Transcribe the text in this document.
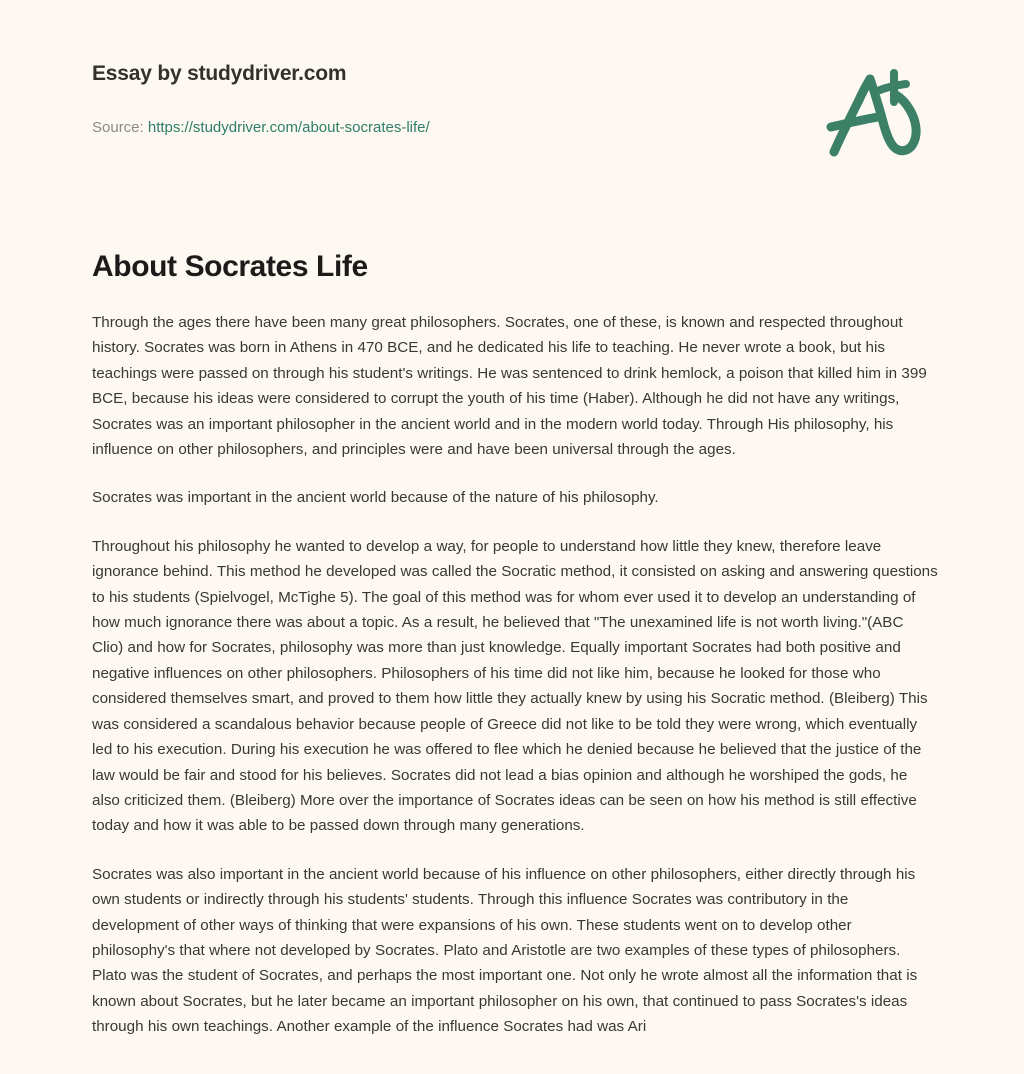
Essay by studydriver.com
Source: https://studydriver.com/about-socrates-life/
About Socrates Life

Through the ages there have been many great philosophers. Socrates, one of these, is known and respected throughout history. Socrates was born in Athens in 470 BCE, and he dedicated his life to teaching. He never wrote a book, but his teachings were passed on through his student's writings. He was sentenced to drink hemlock, a poison that killed him in 399 BCE, because his ideas were considered to corrupt the youth of his time (Haber). Although he did not have any writings, Socrates was an important philosopher in the ancient world and in the modern world today. Through His philosophy, his influence on other philosophers, and principles were and have been universal through the ages.

Socrates was important in the ancient world because of the nature of his philosophy.

Throughout his philosophy he wanted to develop a way, for people to understand how little they knew, therefore leave ignorance behind. This method he developed was called the Socratic method, it consisted on asking and answering questions to his students (Spielvogel, McTighe 5). The goal of this method was for whom ever used it to develop an understanding of how much ignorance there was about a topic. As a result, he believed that "The unexamined life is not worth living."(ABC Clio) and how for Socrates, philosophy was more than just knowledge. Equally important Socrates had both positive and negative influences on other philosophers. Philosophers of his time did not like him, because he looked for those who considered themselves smart, and proved to them how little they actually knew by using his Socratic method. (Bleiberg) This was considered a scandalous behavior because people of Greece did not like to be told they were wrong, which eventually led to his execution. During his execution he was offered to flee which he denied because he believed that the justice of the law would be fair and stood for his believes. Socrates did not lead a bias opinion and although he worshiped the gods, he also criticized them. (Bleiberg) More over the importance of Socrates ideas can be seen on how his method is still effective today and how it was able to be passed down through many generations.

Socrates was also important in the ancient world because of his influence on other philosophers, either directly through his own students or indirectly through his students' students. Through this influence Socrates was contributory in the development of other ways of thinking that were expansions of his own. These students went on to develop other philosophy's that where not developed by Socrates. Plato and Aristotle are two examples of these types of philosophers. Plato was the student of Socrates, and perhaps the most important one. Not only he wrote almost all the information that is known about Socrates, but he later became an important philosopher on his own, that continued to pass Socrates's ideas through his own teachings. Another example of the influence Socrates had was Ari
